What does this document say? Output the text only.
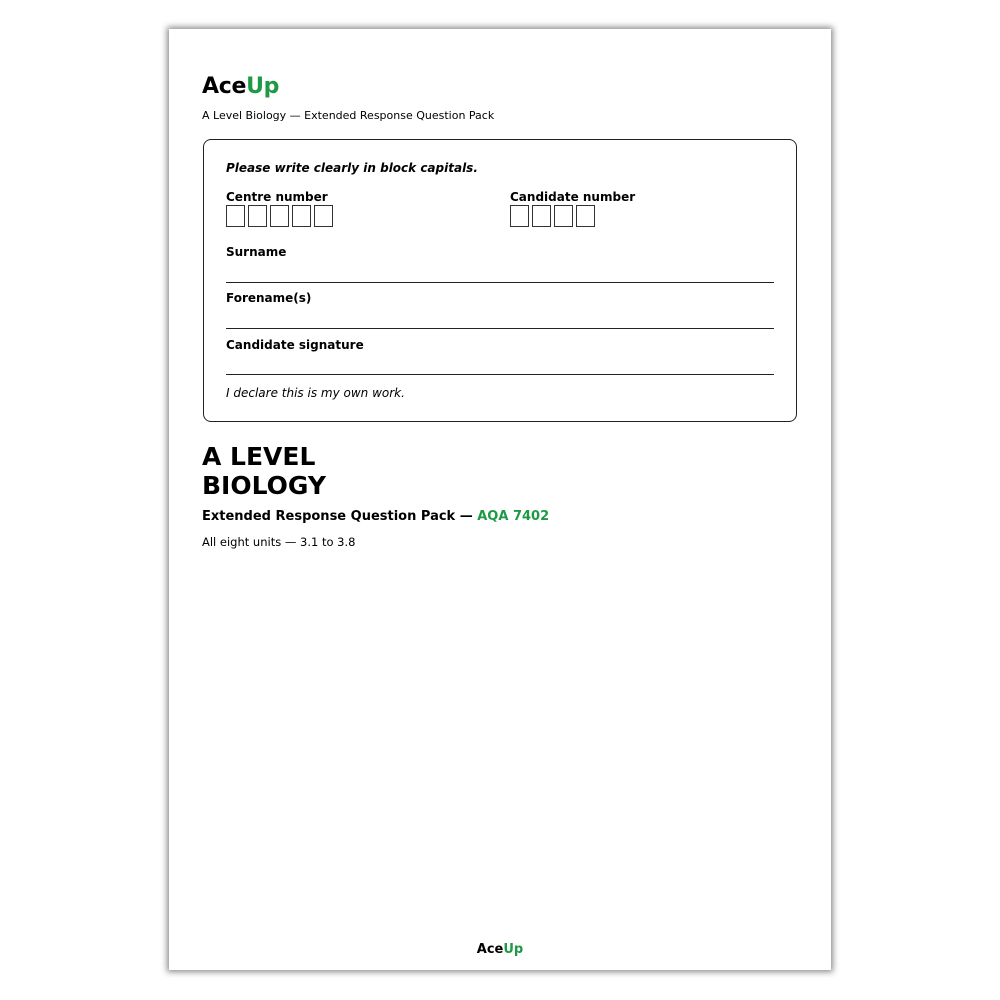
AceUp
A Level Biology — Extended Response Question Pack
Please write clearly in block capitals.
Centre number	Candidate number
Surname
Forename(s)
Candidate signature
I declare this is my own work.
A LEVEL
BIOLOGY
Extended Response Question Pack — AQA 7402
All eight units — 3.1 to 3.8
AceUp
